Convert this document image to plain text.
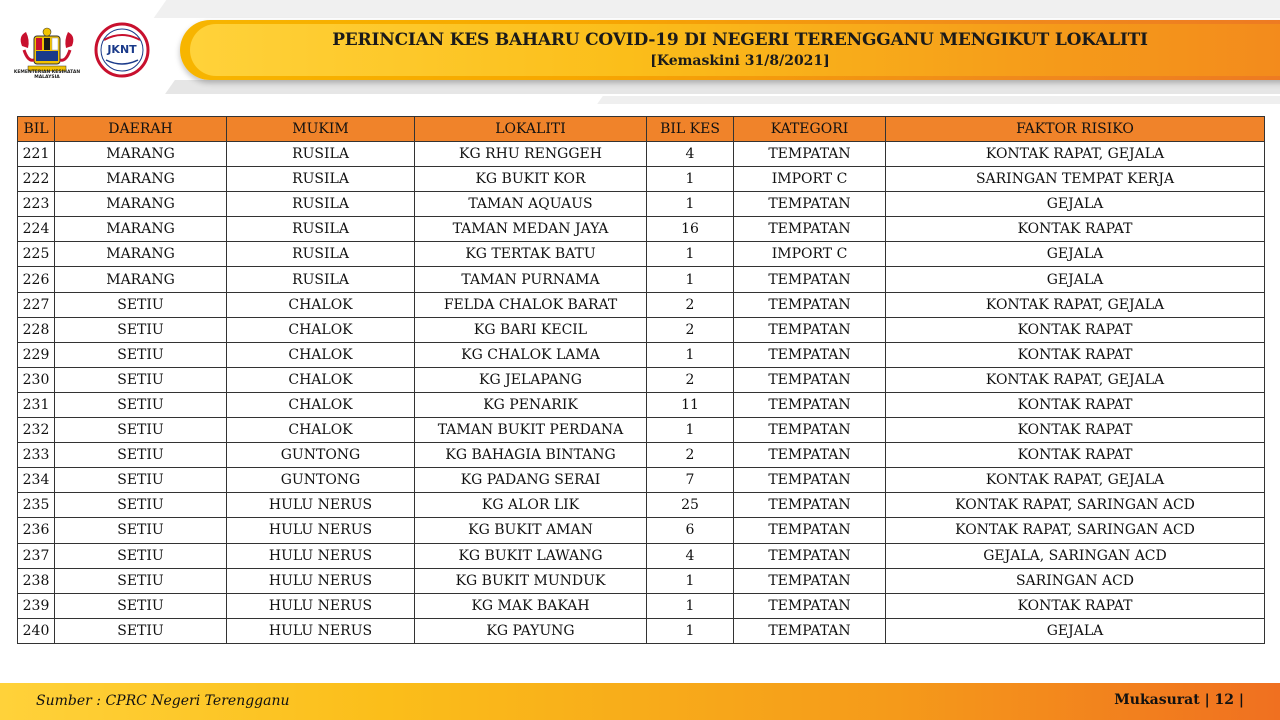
KEMENTERIAN KESIHATAN MALAYSIA
JKNT	PERINCIAN KES BAHARU COVID-19 DI NEGERI TERENGGANU MENGIKUT LOKALITI
[Kemaskini 31/8/2021]
BIL	DAERAH	MUKIM	LOKALITI	BIL KES	KATEGORI	FAKTOR RISIKO
221	MARANG	RUSILA	KG RHU RENGGEH	4	TEMPATAN	KONTAK RAPAT, GEJALA
222	MARANG	RUSILA	KG BUKIT KOR	1	IMPORT C	SARINGAN TEMPAT KERJA
223	MARANG	RUSILA	TAMAN AQUAUS	1	TEMPATAN	GEJALA
224	MARANG	RUSILA	TAMAN MEDAN JAYA	16	TEMPATAN	KONTAK RAPAT
225	MARANG	RUSILA	KG TERTAK BATU	1	IMPORT C	GEJALA
226	MARANG	RUSILA	TAMAN PURNAMA	1	TEMPATAN	GEJALA
227	SETIU	CHALOK	FELDA CHALOK BARAT	2	TEMPATAN	KONTAK RAPAT, GEJALA
228	SETIU	CHALOK	KG BARI KECIL	2	TEMPATAN	KONTAK RAPAT
229	SETIU	CHALOK	KG CHALOK LAMA	1	TEMPATAN	KONTAK RAPAT
230	SETIU	CHALOK	KG JELAPANG	2	TEMPATAN	KONTAK RAPAT, GEJALA
231	SETIU	CHALOK	KG PENARIK	11	TEMPATAN	KONTAK RAPAT
232	SETIU	CHALOK	TAMAN BUKIT PERDANA	1	TEMPATAN	KONTAK RAPAT
233	SETIU	GUNTONG	KG BAHAGIA BINTANG	2	TEMPATAN	KONTAK RAPAT
234	SETIU	GUNTONG	KG PADANG SERAI	7	TEMPATAN	KONTAK RAPAT, GEJALA
235	SETIU	HULU NERUS	KG ALOR LIK	25	TEMPATAN	KONTAK RAPAT, SARINGAN ACD
236	SETIU	HULU NERUS	KG BUKIT AMAN	6	TEMPATAN	KONTAK RAPAT, SARINGAN ACD
237	SETIU	HULU NERUS	KG BUKIT LAWANG	4	TEMPATAN	GEJALA, SARINGAN ACD
238	SETIU	HULU NERUS	KG BUKIT MUNDUK	1	TEMPATAN	SARINGAN ACD
239	SETIU	HULU NERUS	KG MAK BAKAH	1	TEMPATAN	KONTAK RAPAT
240	SETIU	HULU NERUS	KG PAYUNG	1	TEMPATAN	GEJALA
Sumber : CPRC Negeri Terengganu	Mukasurat | 12 |
